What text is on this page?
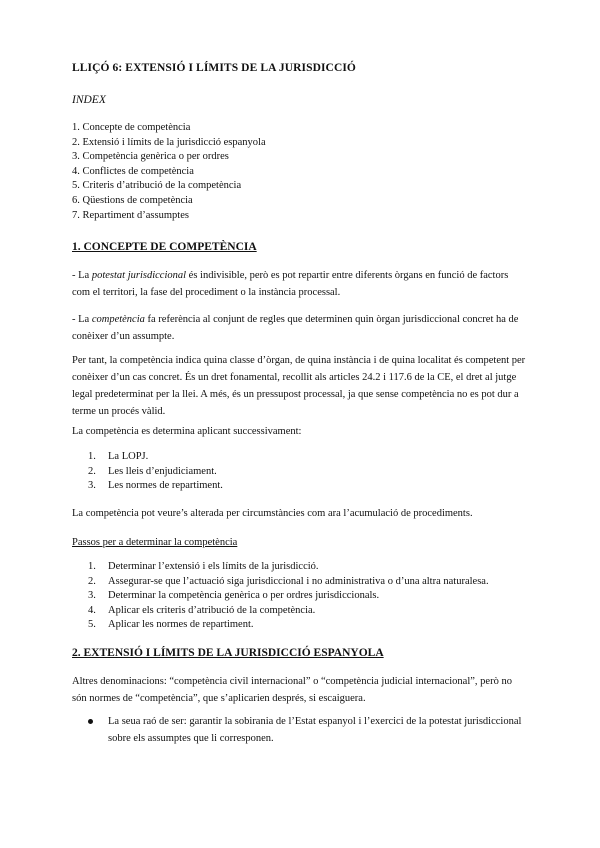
LLIÇÓ 6: EXTENSIÓ I LÍMITS DE LA JURISDICCIÓ
INDEX
1. Concepte de competència
2. Extensió i límits de la jurisdicció espanyola
3. Competència genèrica o per ordres
4. Conflictes de competència
5. Criteris d’atribució de la competència
6. Qüestions de competència
7. Repartiment d’assumptes
1. CONCEPTE DE COMPETÈNCIA

- La potestat jurisdiccional és indivisible, però es pot repartir entre diferents òrgans en funció de factors com el territori, la fase del procediment o la instància processal.

- La competència fa referència al conjunt de regles que determinen quin òrgan jurisdiccional concret ha de conèixer d’un assumpte.

Per tant, la competència indica quina classe d’òrgan, de quina instància i de quina localitat és competent per conèixer d’un cas concret. És un dret fonamental, recollit als articles 24.2 i 117.6 de la CE, el dret al jutge legal predeterminat per la llei. A més, és un pressupost processal, ja que sense competència no es pot dur a terme un procés vàlid.

La competència es determina aplicant successivament:

1. La LOPJ.
2. Les lleis d’enjudiciament.
3. Les normes de repartiment.

La competència pot veure’s alterada per circumstàncies com ara l’acumulació de procediments.

Passos per a determinar la competència
1. Determinar l’extensió i els límits de la jurisdicció.
2. Assegurar-se que l’actuació siga jurisdiccional i no administrativa o d’una altra naturalesa.
3. Determinar la competència genèrica o per ordres jurisdiccionals.
4. Aplicar els criteris d’atribució de la competència.
5. Aplicar les normes de repartiment.
2. EXTENSIÓ I LÍMITS DE LA JURISDICCIÓ ESPANYOLA

Altres denominacions: “competència civil internacional” o “competència judicial internacional”, però no són normes de “competència”, que s’aplicarien després, si escaiguera.

La seua raó de ser: garantir la sobirania de l’Estat espanyol i l’exercici de la potestat jurisdiccional sobre els assumptes que li corresponen.
